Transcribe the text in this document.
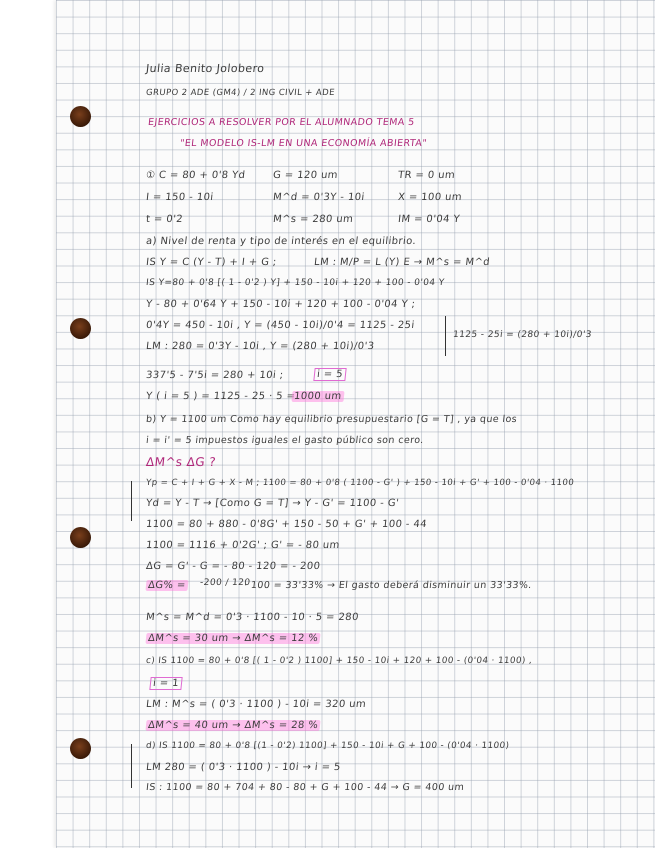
Julia Benito Jolobero
GRUPO 2 ADE (GM4) / 2 ING CIVIL + ADE
EJERCICIOS A RESOLVER POR EL ALUMNADO TEMA 5
"EL MODELO IS-LM EN UNA ECONOMÍA ABIERTA"
① C = 80 + 0'8 Yd	G = 120 um	TR = 0 um
I = 150 - 10i	M^d = 0'3Y - 10i	X = 100 um
t = 0'2	M^s = 280 um	IM = 0'04 Y
a) Nivel de renta y tipo de interés en el equilibrio.
IS Y = C (Y - T) + I + G ;	LM : M/P = L (Y) E → M^s = M^d
IS Y=80 + 0'8 [( 1 - 0'2 ) Y] + 150 - 10i + 120 + 100 - 0'04 Y
Y - 80 + 0'64 Y + 150 - 10i + 120 + 100 - 0'04 Y ;
0'4Y = 450 - 10i , Y = (450 - 10i)/0'4 = 1125 - 25i
LM : 280 = 0'3Y - 10i , Y = (280 + 10i)/0'3
1125 - 25i = (280 + 10i)/0'3
337'5 - 7'5i = 280 + 10i ;	i = 5
Y ( i = 5 ) = 1125 - 25 · 5 =
1000 um
b) Y = 1100 um Como hay equilibrio presupuestario [G = T] , ya que los
i = i' = 5 impuestos iguales el gasto público son cero.
ΔM^s ΔG ?
Yp = C + I + G + X - M ; 1100 = 80 + 0'8 ( 1100 - G' ) + 150 - 10i + G' + 100 - 0'04 · 1100
Yd = Y - T → [Como G = T] → Y - G' = 1100 - G'
1100 = 80 + 880 - 0'8G' + 150 - 50 + G' + 100 - 44
1100 = 1116 + 0'2G' ; G' = - 80 um
ΔG = G' - G = - 80 - 120 = - 200
ΔG% = -200 / 120
· 100 = 33'33% → El gasto deberá disminuir un 33'33%.
M^s = M^d = 0'3 · 1100 - 10 · 5 = 280
ΔM^s = 30 um → ΔM^s = 12 %
c) IS 1100 = 80 + 0'8 [( 1 - 0'2 ) 1100] + 150 - 10i + 120 + 100 - (0'04 · 1100) ,
i = 1
LM : M^s = ( 0'3 · 1100 ) - 10i = 320 um
ΔM^s = 40 um → ΔM^s = 28 %
d) IS 1100 = 80 + 0'8 [(1 - 0'2) 1100] + 150 - 10i + G + 100 - (0'04 · 1100)
LM 280 = ( 0'3 · 1100 ) - 10i → i = 5
IS : 1100 = 80 + 704 + 80 - 80 + G + 100 - 44 → G = 400 um
